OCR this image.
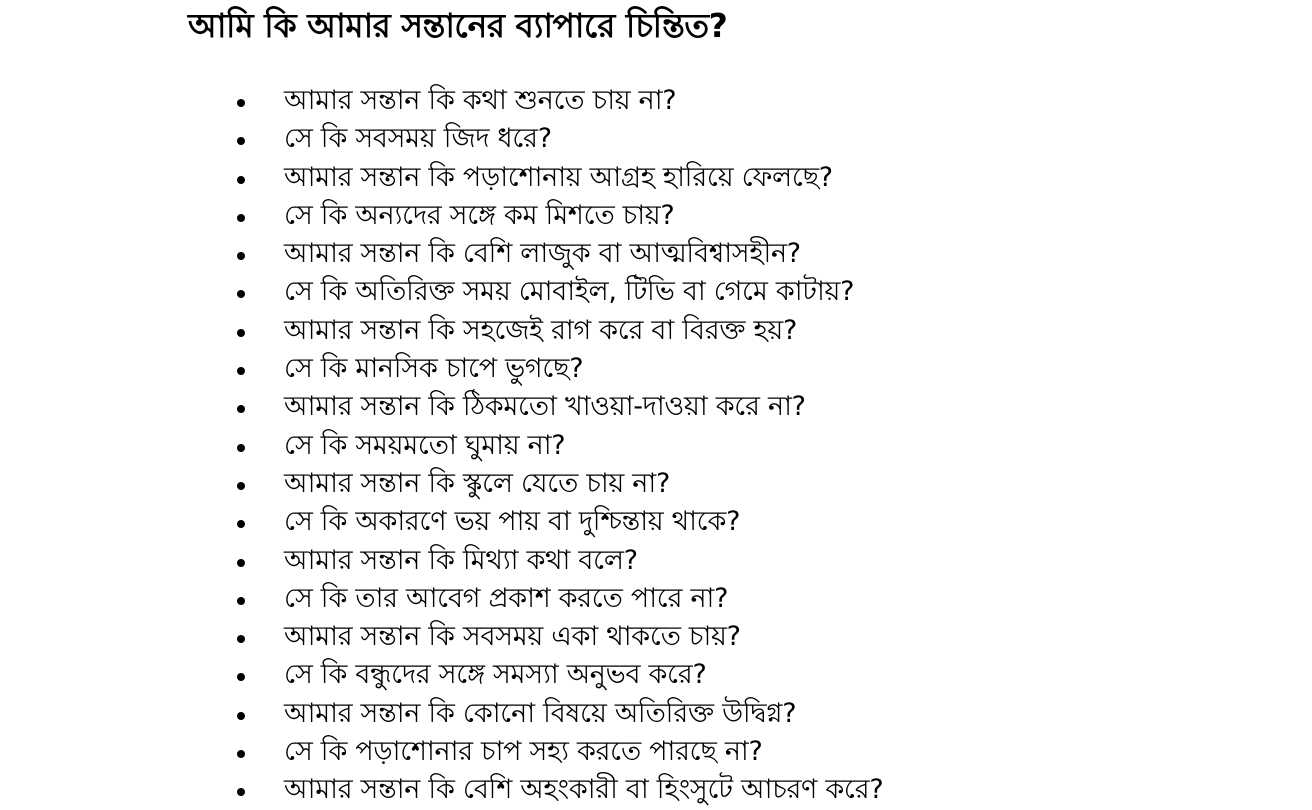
আমি কি আমার সন্তানের ব্যাপারে চিন্তিত?
আমার সন্তান কি কথা শুনতে চায় না?
সে কি সবসময় জিদ ধরে?
আমার সন্তান কি পড়াশোনায় আগ্রহ হারিয়ে ফেলছে?
সে কি অন্যদের সঙ্গে কম মিশতে চায়?
আমার সন্তান কি বেশি লাজুক বা আত্মবিশ্বাসহীন?
সে কি অতিরিক্ত সময় মোবাইল, টিভি বা গেমে কাটায়?
আমার সন্তান কি সহজেই রাগ করে বা বিরক্ত হয়?
সে কি মানসিক চাপে ভুগছে?
আমার সন্তান কি ঠিকমতো খাওয়া-দাওয়া করে না?
সে কি সময়মতো ঘুমায় না?
আমার সন্তান কি স্কুলে যেতে চায় না?
সে কি অকারণে ভয় পায় বা দুশ্চিন্তায় থাকে?
আমার সন্তান কি মিথ্যা কথা বলে?
সে কি তার আবেগ প্রকাশ করতে পারে না?
আমার সন্তান কি সবসময় একা থাকতে চায়?
সে কি বন্ধুদের সঙ্গে সমস্যা অনুভব করে?
আমার সন্তান কি কোনো বিষয়ে অতিরিক্ত উদ্বিগ্ন?
সে কি পড়াশোনার চাপ সহ্য করতে পারছে না?
আমার সন্তান কি বেশি অহংকারী বা হিংসুটে আচরণ করে?
